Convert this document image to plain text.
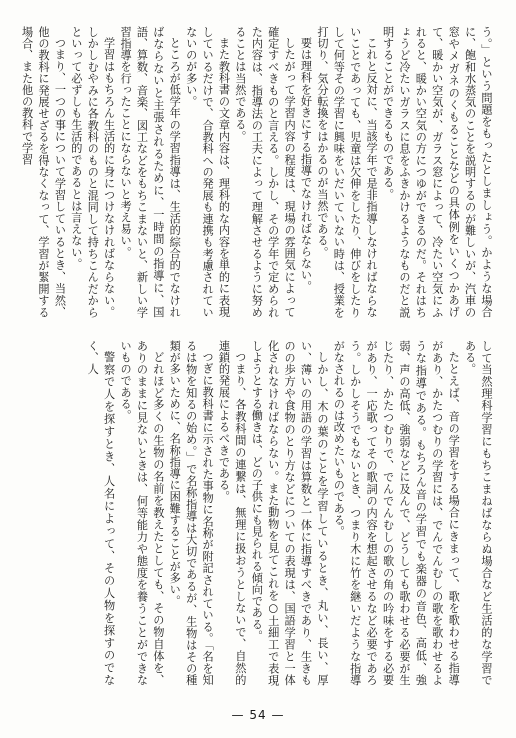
う。」という問題をもったとしましょう。かような場合に、飽和水蒸気のことを説明するのが難しいが、汽車の窓やメガネのくもることなどの具体例をいくつかあげて、暖かい空気が、ガラス窓によって、冷たい空気にふれると、暖かい空気の方につゆができるのだ。それはちょうど冷たいガラスに息をふきかけるようなものだと説明することができるものである。

これと反対に、当該学年で是非指導しなければならないことであっても、児童は欠伸をしたり、伸びをしたりして何等その学習に興味をいだいていない時は、授業を打切り、気分転換をはかるのが当然である。

要は理科を好きにする指導でなければならない。

したがって学習内容の程度は、現場の雰囲気によって確定すべきものと言える。しかし、その学年で定められた内容は、指導法の工夫によって理解させるように努めることは当然である。

また教科書の文章内容は、理科的な内容を単的に表現しているだけで、合教科への発展も連携も考慮されていないのが多い。

ところが低学年の学習指導は、生活的綜合的でなければならないと主張されるために、一時間の指導に、国語、算数、音楽、図工などをもちこまないと、新しい学習指導を行ったことにならないと考え易い。

学習はもちろん生活的に身につけなければならない。しかしむやみに各教科のものと混同して持ちこんだからといって必ずしも生活的であるとは言えない。

つまり、一つの事について学習しているとき、当然、他の教科に発展せざるを得なくなって、学習が緊開する場合、また他の教科で学習

して当然理科学習にもちこまねばならぬ場合など生活的な学習である。

たとえば、音の学習をする場合にきまって、歌を歌わせる指導があり、かたつむりの学習には、でんでんむしの歌を歌わせるような指導である。もちろん音の学習でも楽器の音色、高低、強弱、声の高低、強弱などに及んで、どうしても歌わせる必要が生じたり、かたつむりで、でんでんむしの歌の角の吟味をする必要があり、一応歌ってその歌詞の内容を想起させるなど必要であろう。しかしそうでもないとき、つまり木に竹を継いだような指導がなされるのは改めたいものである。

しかし、木の葉のことを学習しているとき、丸い、長い、厚い、薄いの用語の学習は算数と一体に指導すべきであり、生きものの歩方や食物のとり方などについての表現は、国語学習と一体化されなければならない。また動物を見てこれを○土細工で表現しようとする働きは、どの子供にも見られる傾向である。

つまり、各教科間の連繋は、無理に扱おうとしないで、自然的連鎖的発展によるべきである。

つぎに教科書に示された事物に名称が附記されている。「名を知るは物を知るの始め。」で名称指導は大切であるが、生物はその種類が多いために、名称指導に困難することが多い。

どれほど多くの生物の名前を教えたとしても、その物自体を、ありのままに見ないときは、何等能力や態度を養うことができないものである。

警察で人を探すとき、人名によって、その人物を探すのでなく、人

— 54 —
